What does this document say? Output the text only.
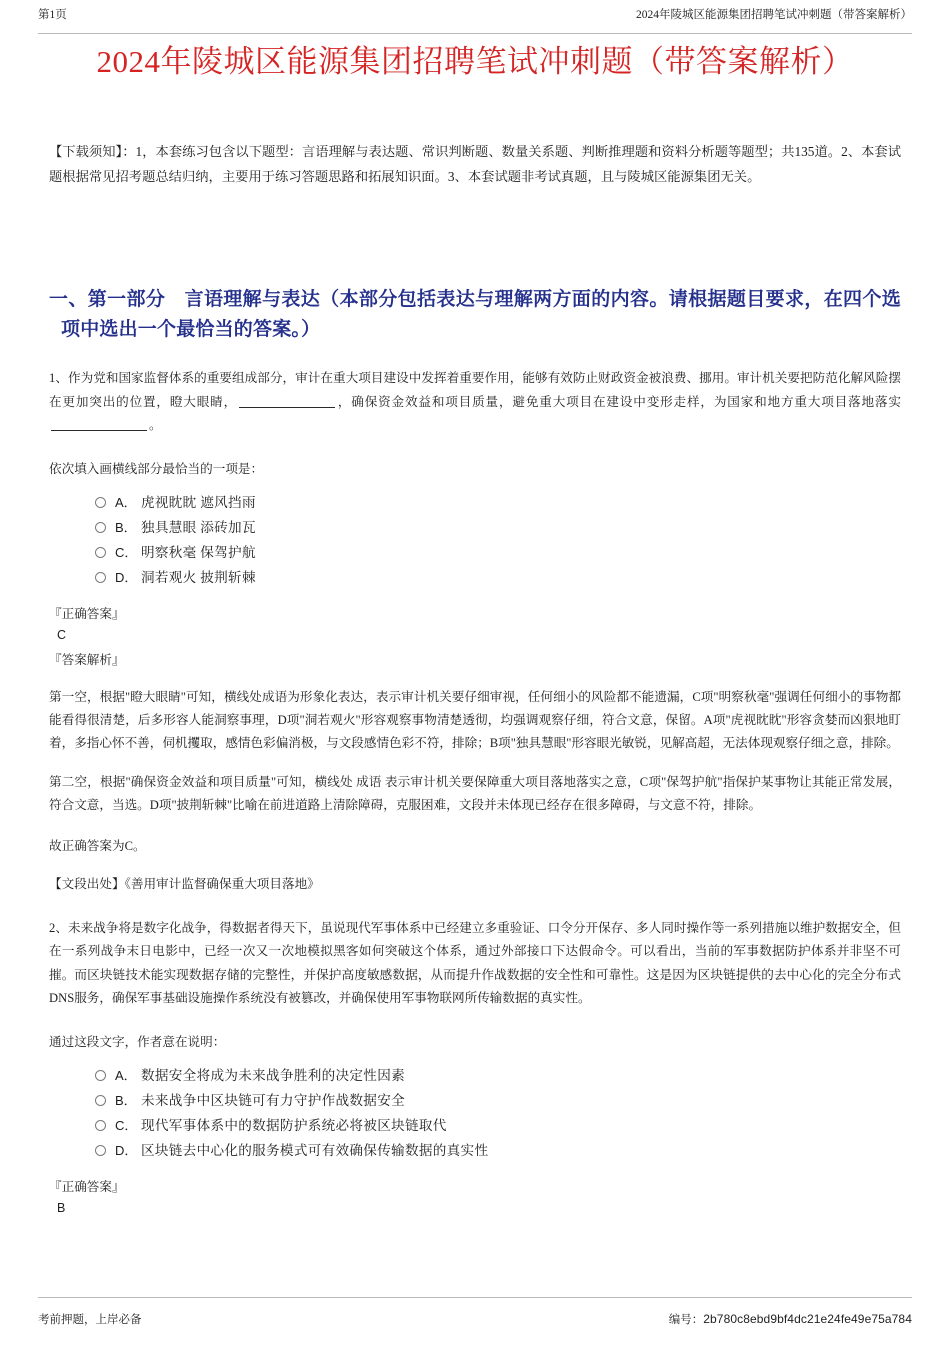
第1页	2024年陵城区能源集团招聘笔试冲刺题（带答案解析）
2024年陵城区能源集团招聘笔试冲刺题（带答案解析）

【下载须知】：1，本套练习包含以下题型：言语理解与表达题、常识判断题、数量关系题、判断推理题和资料分析题等题型；共135道。2、本套试题根据常见招考题总结归纳，主要用于练习答题思路和拓展知识面。3、本套试题非考试真题，且与陵城区能源集团无关。

一、第一部分　言语理解与表达（本部分包括表达与理解两方面的内容。请根据题目要求，在四个选项中选出一个最恰当的答案。）

1、作为党和国家监督体系的重要组成部分，审计在重大项目建设中发挥着重要作用，能够有效防止财政资金被浪费、挪用。审计机关要把防范化解风险摆在更加突出的位置，瞪大眼睛，	，确保资金效益和项目质量，避免重大项目在建设中变形走样，为国家和地方重大项目落地落实。

依次填入画横线部分最恰当的一项是：

A． 虎视眈眈 遮风挡雨
B． 独具慧眼 添砖加瓦
C． 明察秋毫 保驾护航
D． 洞若观火 披荆斩棘

『正确答案』

C

『答案解析』

第一空，根据"瞪大眼睛"可知，横线处成语为形象化表达，表示审计机关要仔细审视，任何细小的风险都不能遗漏，C项"明察秋毫"强调任何细小的事物都能看得很清楚，后多形容人能洞察事理，D项"洞若观火"形容观察事物清楚透彻，均强调观察仔细，符合文意，保留。A项"虎视眈眈"形容贪婪而凶狠地盯着，多指心怀不善，伺机攫取，感情色彩偏消极，与文段感情色彩不符，排除；B项"独具慧眼"形容眼光敏锐，见解高超，无法体现观察仔细之意，排除。

第二空，根据"确保资金效益和项目质量"可知，横线处 成语 表示审计机关要保障重大项目落地落实之意，C项"保驾护航"指保护某事物让其能正常发展，符合文意，当选。D项"披荆斩棘"比喻在前进道路上清除障碍，克服困难，文段并未体现已经存在很多障碍，与文意不符，排除。

故正确答案为C。

【文段出处】《善用审计监督确保重大项目落地》

2、未来战争将是数字化战争，得数据者得天下，虽说现代军事体系中已经建立多重验证、口令分开保存、多人同时操作等一系列措施以维护数据安全，但在一系列战争末日电影中，已经一次又一次地模拟黑客如何突破这个体系，通过外部接口下达假命令。可以看出，当前的军事数据防护体系并非坚不可摧。而区块链技术能实现数据存储的完整性，并保护高度敏感数据，从而提升作战数据的安全性和可靠性。这是因为区块链提供的去中心化的完全分布式DNS服务，确保军事基础设施操作系统没有被篡改，并确保使用军事物联网所传输数据的真实性。

通过这段文字，作者意在说明：

A． 数据安全将成为未来战争胜利的决定性因素
B． 未来战争中区块链可有力守护作战数据安全
C． 现代军事体系中的数据防护系统必将被区块链取代
D． 区块链去中心化的服务模式可有效确保传输数据的真实性

『正确答案』

B

考前押题，上岸必备	编号：2b780c8ebd9bf4dc21e24fe49e75a784
